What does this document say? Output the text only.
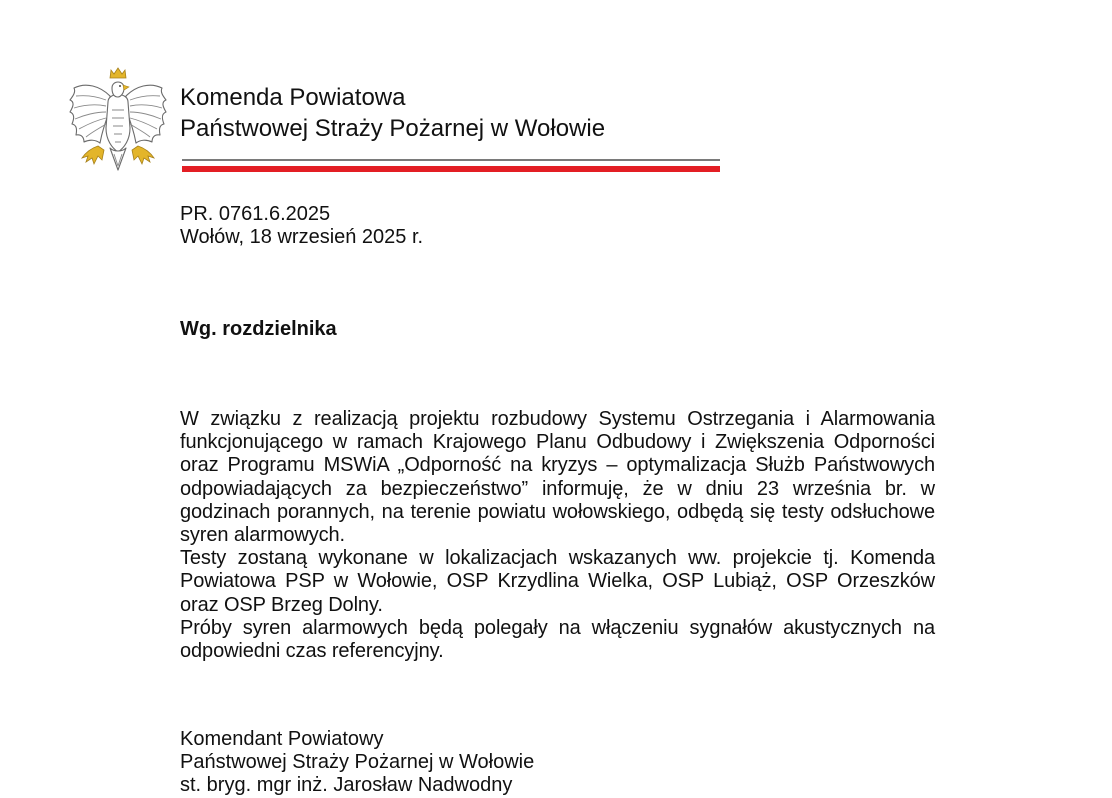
Komenda Powiatowa
Państwowej Straży Pożarnej w Wołowie
PR. 0761.6.2025
Wołów, 18 wrzesień 2025 r.
Wg. rozdzielnika

W związku z realizacją projektu rozbudowy Systemu Ostrzegania i Alarmowania funkcjonującego w ramach Krajowego Planu Odbudowy i Zwiększenia Odporności oraz Programu MSWiA „Odporność na kryzys – optymalizacja Służb Państwowych odpowiadających za bezpieczeństwo” informuję, że w dniu 23 września br. w godzinach porannych, na terenie powiatu wołowskiego, odbędą się testy odsłuchowe syren alarmowych.

Testy zostaną wykonane w lokalizacjach wskazanych ww. projekcie tj. Komenda Powiatowa PSP w Wołowie, OSP Krzydlina Wielka, OSP Lubiąż, OSP Orzeszków oraz OSP Brzeg Dolny.

Próby syren alarmowych będą polegały na włączeniu sygnałów akustycznych na odpowiedni czas referencyjny.

Komendant Powiatowy
Państwowej Straży Pożarnej w Wołowie
st. bryg. mgr inż. Jarosław Nadwodny
